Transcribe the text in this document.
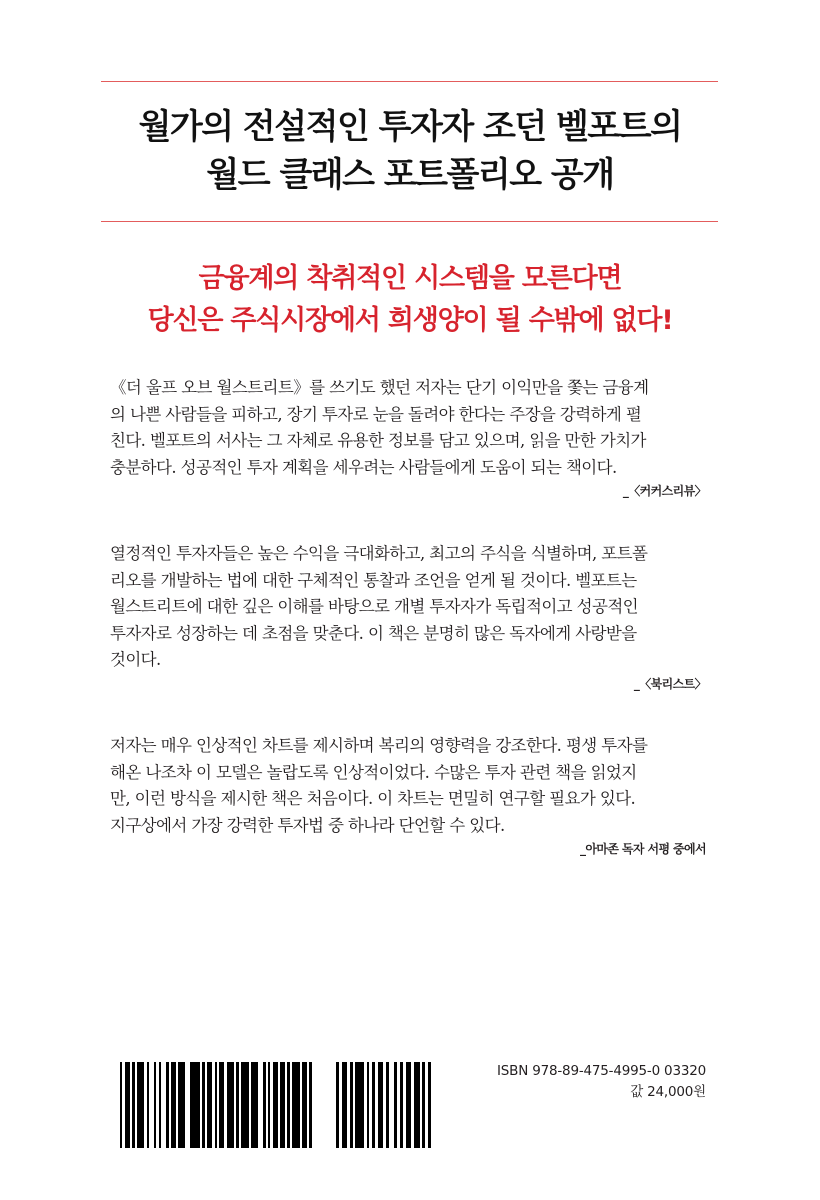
월가의 전설적인 투자자 조던 벨포트의
월드 클래스 포트폴리오 공개
금융계의 착취적인 시스템을 모른다면
당신은 주식시장에서 희생양이 될 수밖에 없다!
《더 울프 오브 월스트리트》를 쓰기도 했던 저자는 단기 이익만을 쫓는 금융계
의 나쁜 사람들을 피하고, 장기 투자로 눈을 돌려야 한다는 주장을 강력하게 펼
친다. 벨포트의 서사는 그 자체로 유용한 정보를 담고 있으며, 읽을 만한 가치가
충분하다. 성공적인 투자 계획을 세우려는 사람들에게 도움이 되는 책이다.
_〈커커스리뷰〉
열정적인 투자자들은 높은 수익을 극대화하고, 최고의 주식을 식별하며, 포트폴
리오를 개발하는 법에 대한 구체적인 통찰과 조언을 얻게 될 것이다. 벨포트는
월스트리트에 대한 깊은 이해를 바탕으로 개별 투자자가 독립적이고 성공적인
투자자로 성장하는 데 초점을 맞춘다. 이 책은 분명히 많은 독자에게 사랑받을
것이다.
_〈북리스트〉
저자는 매우 인상적인 차트를 제시하며 복리의 영향력을 강조한다. 평생 투자를
해온 나조차 이 모델은 놀랍도록 인상적이었다. 수많은 투자 관련 책을 읽었지
만, 이런 방식을 제시한 책은 처음이다. 이 차트는 면밀히 연구할 필요가 있다.
지구상에서 가장 강력한 투자법 중 하나라 단언할 수 있다.
_아마존 독자 서평 중에서
ISBN 978-89-475-4995-0 03320
값 24,000원
